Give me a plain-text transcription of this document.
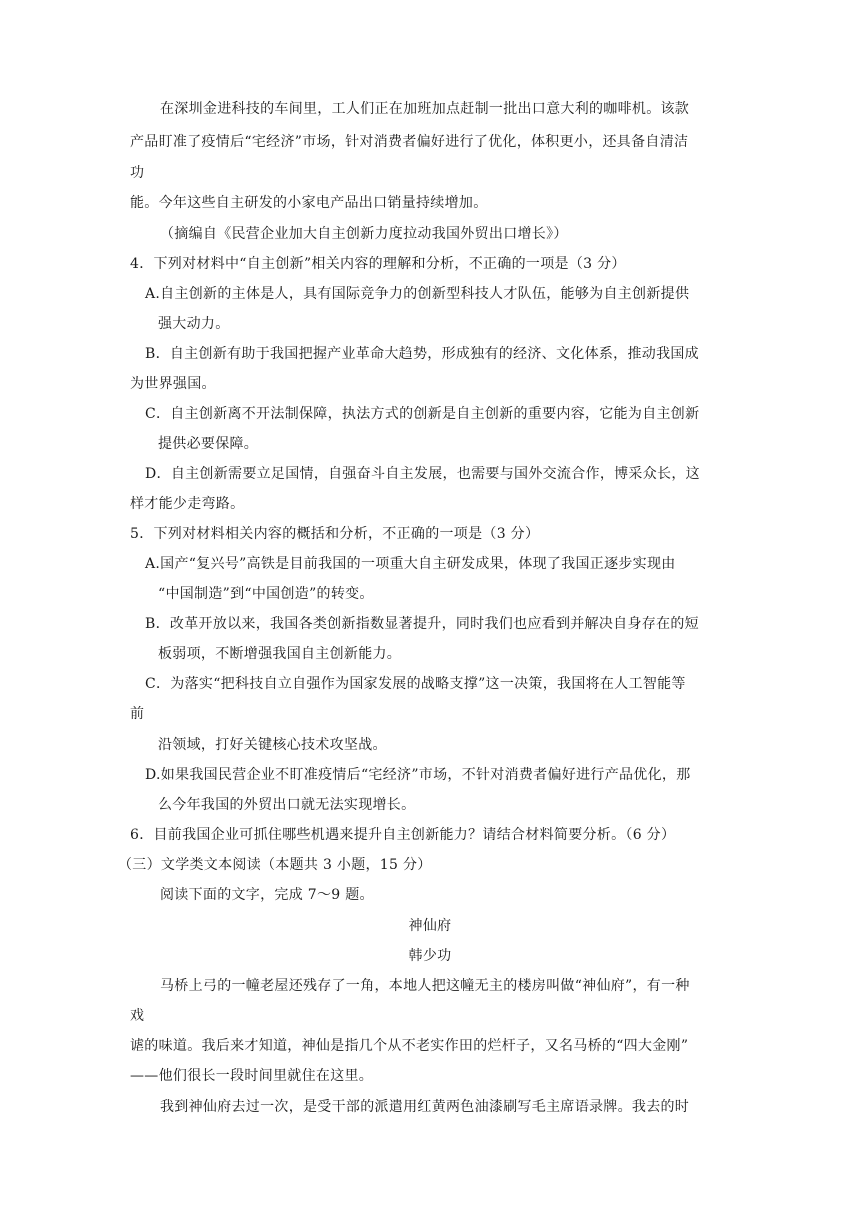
在深圳金进科技的车间里，工人们正在加班加点赶制一批出口意大利的咖啡机。该款
产品盯准了疫情后“宅经济”市场，针对消费者偏好进行了优化，体积更小，还具备自清洁
功
能。今年这些自主研发的小家电产品出口销量持续增加。
（摘编自《民营企业加大自主创新力度拉动我国外贸出口增长》）
4．下列对材料中“自主创新”相关内容的理解和分析，不正确的一项是（3 分）
A.自主创新的主体是人，具有国际竞争力的创新型科技人才队伍，能够为自主创新提供
强大动力。
B．自主创新有助于我国把握产业革命大趋势，形成独有的经济、文化体系，推动我国成
为世界强国。
C．自主创新离不开法制保障，执法方式的创新是自主创新的重要内容，它能为自主创新
提供必要保障。
D．自主创新需要立足国情，自强奋斗自主发展，也需要与国外交流合作，博采众长，这
样才能少走弯路。
5．下列对材料相关内容的概括和分析，不正确的一项是（3 分）
A.国产“复兴号”高铁是目前我国的一项重大自主研发成果，体现了我国正逐步实现由
“中国制造”到“中国创造”的转变。
B．改革开放以来，我国各类创新指数显著提升，同时我们也应看到并解决自身存在的短
板弱项，不断增强我国自主创新能力。
C．为落实“把科技自立自强作为国家发展的战略支撑”这一决策，我国将在人工智能等
前
沿领域，打好关键核心技术攻坚战。
D.如果我国民营企业不盯准疫情后“宅经济”市场，不针对消费者偏好进行产品优化，那
么今年我国的外贸出口就无法实现增长。
6．目前我国企业可抓住哪些机遇来提升自主创新能力？请结合材料简要分析。（6 分）
（三）文学类文本阅读（本题共 3 小题，15 分）
阅读下面的文字，完成 7～9 题。
神仙府
韩少功
马桥上弓的一幢老屋还残存了一角，本地人把这幢无主的楼房叫做“神仙府”，有一种
戏
谑的味道。我后来才知道，神仙是指几个从不老实作田的烂杆子，又名马桥的“四大金刚”
——他们很长一段时间里就住在这里。
我到神仙府去过一次，是受干部的派遣用红黄两色油漆刷写毛主席语录牌。我去的时
